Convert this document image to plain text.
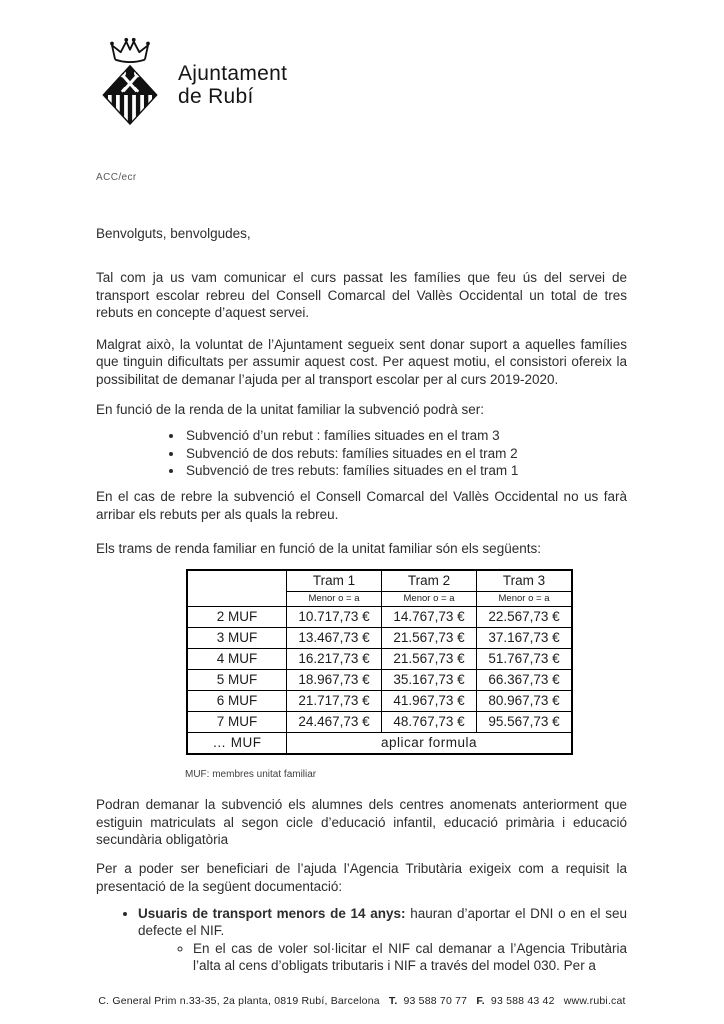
Ajuntament
de Rubí
ACC/ecr

Benvolguts, benvolgudes,

Tal com ja us vam comunicar el curs passat les famílies que feu ús del servei de transport escolar rebreu del Consell Comarcal del Vallès Occidental un total de tres rebuts en concepte d’aquest servei.

Malgrat això, la voluntat de l’Ajuntament segueix sent donar suport a aquelles famílies que tinguin dificultats per assumir aquest cost. Per aquest motiu, el consistori ofereix la possibilitat de demanar l’ajuda per al transport escolar per al curs 2019-2020.

En funció de la renda de la unitat familiar la subvenció podrà ser:

• Subvenció d’un rebut : famílies situades en el tram 3
• Subvenció de dos rebuts: famílies situades en el tram 2
• Subvenció de tres rebuts: famílies situades en el tram 1

En el cas de rebre la subvenció el Consell Comarcal del Vallès Occidental no us farà arribar els rebuts per als quals la rebreu.

Els trams de renda familiar en funció de la unitat familiar són els següents:

	Tram 1	Tram 2	Tram 3
	Menor o = a	Menor o = a	Menor o = a
2 MUF	10.717,73 €	14.767,73 €	22.567,73 €
3 MUF	13.467,73 €	21.567,73 €	37.167,73 €
4 MUF	16.217,73 €	21.567,73 €	51.767,73 €
5 MUF	18.967,73 €	35.167,73 €	66.367,73 €
6 MUF	21.717,73 €	41.967,73 €	80.967,73 €
7 MUF	24.467,73 €	48.767,73 €	95.567,73 €
… MUF	aplicar formula		
MUF: membres unitat familiar

Podran demanar la subvenció els alumnes dels centres anomenats anteriorment que estiguin matriculats al segon cicle d’educació infantil, educació primària i educació secundària obligatòria

Per a poder ser beneficiari de l’ajuda l’Agencia Tributària exigeix com a requisit la presentació de la següent documentació:

• Usuaris de transport menors de 14 anys: hauran d’aportar el DNI o en el seu defecte el NIF.
◦ En el cas de voler sol·licitar el NIF cal demanar a l’Agencia Tributària l’alta al cens d’obligats tributaris i NIF a través del model 030. Per a
C. General Prim n.33-35, 2a planta, 0819 Rubí, Barcelona T. 93 588 70 77 F. 93 588 43 42 www.rubi.cat
